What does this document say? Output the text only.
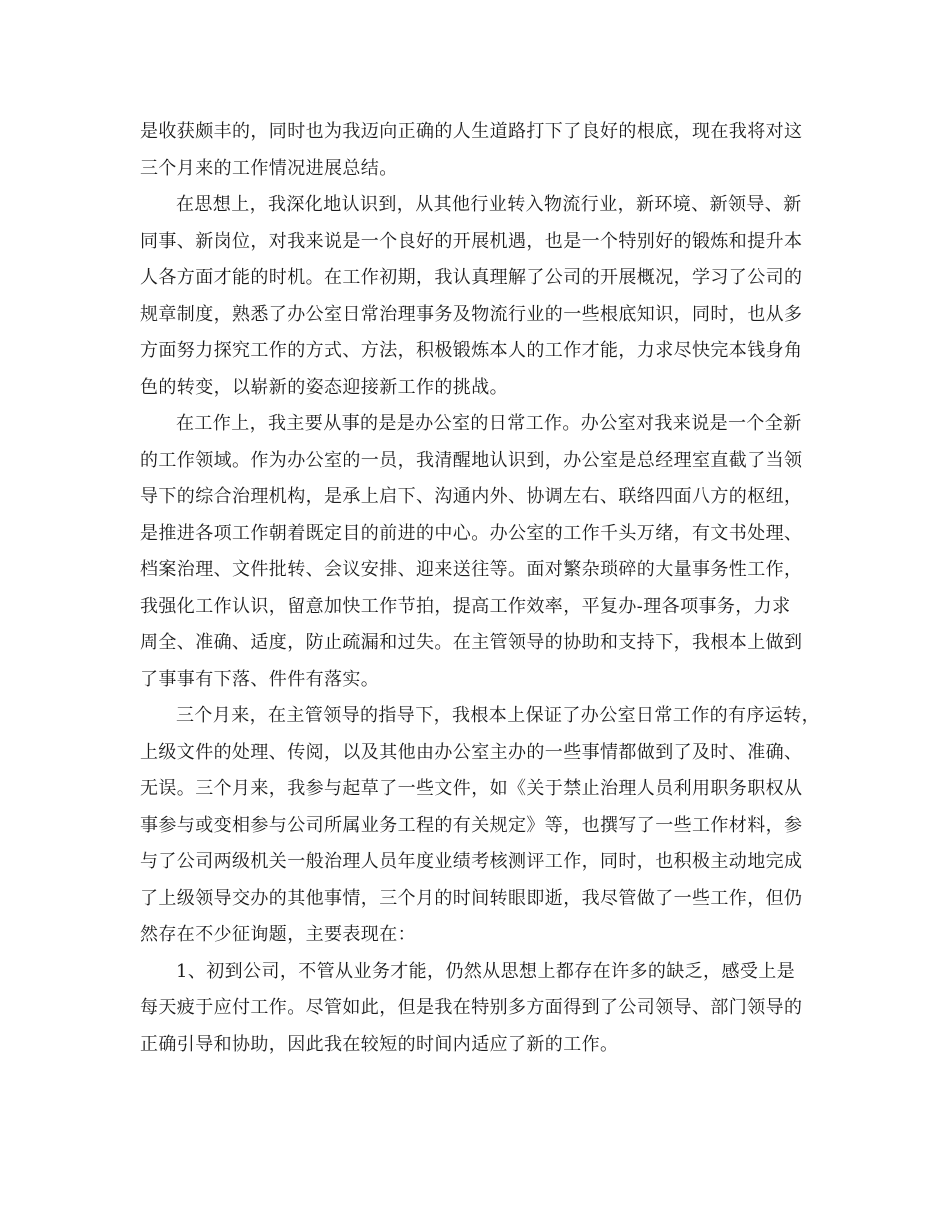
是收获颇丰的，同时也为我迈向正确的人生道路打下了良好的根底，现在我将对这
三个月来的工作情况进展总结。
在思想上，我深化地认识到，从其他行业转入物流行业，新环境、新领导、新
同事、新岗位，对我来说是一个良好的开展机遇，也是一个特别好的锻炼和提升本
人各方面才能的时机。在工作初期，我认真理解了公司的开展概况，学习了公司的
规章制度，熟悉了办公室日常治理事务及物流行业的一些根底知识，同时，也从多
方面努力探究工作的方式、方法，积极锻炼本人的工作才能，力求尽快完本钱身角
色的转变，以崭新的姿态迎接新工作的挑战。
在工作上，我主要从事的是是办公室的日常工作。办公室对我来说是一个全新
的工作领域。作为办公室的一员，我清醒地认识到，办公室是总经理室直截了当领
导下的综合治理机构，是承上启下、沟通内外、协调左右、联络四面八方的枢纽，
是推进各项工作朝着既定目的前进的中心。办公室的工作千头万绪，有文书处理、
档案治理、文件批转、会议安排、迎来送往等。面对繁杂琐碎的大量事务性工作，
我强化工作认识，留意加快工作节拍，提高工作效率，平复办-理各项事务，力求
周全、准确、适度，防止疏漏和过失。在主管领导的协助和支持下，我根本上做到
了事事有下落、件件有落实。
三个月来，在主管领导的指导下，我根本上保证了办公室日常工作的有序运转，
上级文件的处理、传阅，以及其他由办公室主办的一些事情都做到了及时、准确、
无误。三个月来，我参与起草了一些文件，如《关于禁止治理人员利用职务职权从
事参与或变相参与公司所属业务工程的有关规定》等，也撰写了一些工作材料，参
与了公司两级机关一般治理人员年度业绩考核测评工作，同时，也积极主动地完成
了上级领导交办的其他事情，三个月的时间转眼即逝，我尽管做了一些工作，但仍
然存在不少征询题，主要表现在：
1、初到公司，不管从业务才能，仍然从思想上都存在许多的缺乏，感受上是
每天疲于应付工作。尽管如此，但是我在特别多方面得到了公司领导、部门领导的
正确引导和协助，因此我在较短的时间内适应了新的工作。
